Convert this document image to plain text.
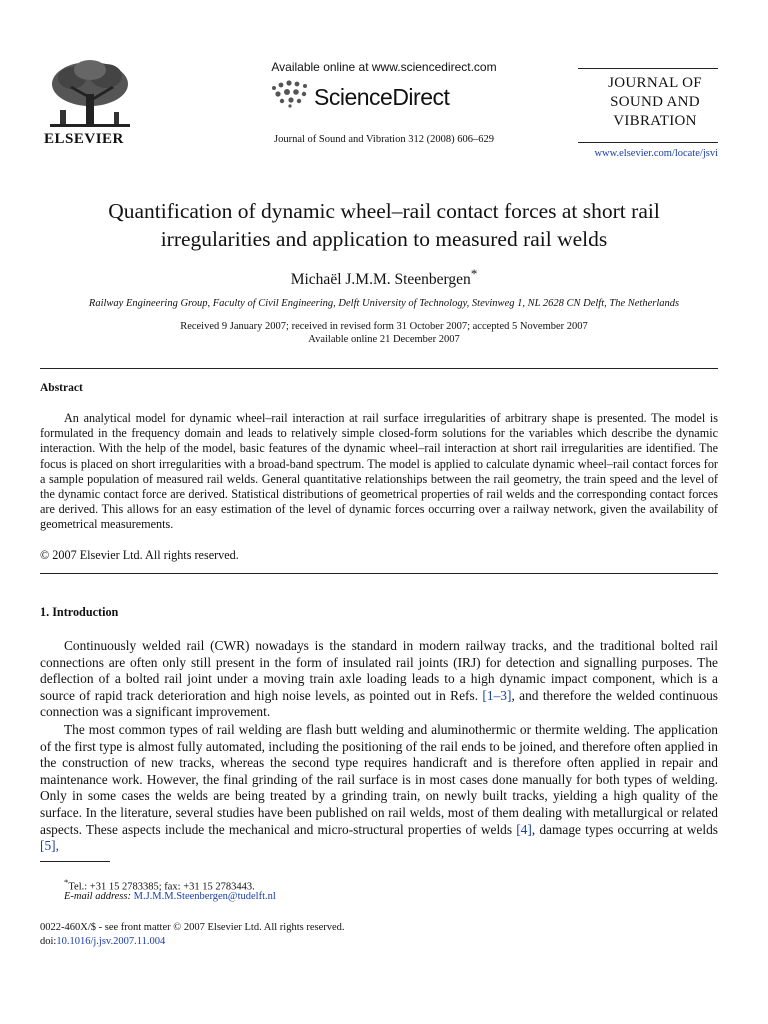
ELSEVIER
Available online at www.sciencedirect.com
ScienceDirect
Journal of Sound and Vibration 312 (2008) 606–629
JOURNAL OF
SOUND AND
VIBRATION
www.elsevier.com/locate/jsvi
Quantification of dynamic wheel–rail contact forces at short rail
irregularities and application to measured rail welds
Michaël J.M.M. Steenbergen*
Railway Engineering Group, Faculty of Civil Engineering, Delft University of Technology, Stevinweg 1, NL 2628 CN Delft, The Netherlands
Received 9 January 2007; received in revised form 31 October 2007; accepted 5 November 2007
Available online 21 December 2007
Abstract
An analytical model for dynamic wheel–rail interaction at rail surface irregularities of arbitrary shape is presented. The model is formulated in the frequency domain and leads to relatively simple closed-form solutions for the variables which describe the dynamic interaction. With the help of the model, basic features of the dynamic wheel–rail interaction at short rail irregularities are identified. The focus is placed on short irregularities with a broad-band spectrum. The model is applied to calculate dynamic wheel–rail contact forces for a sample population of measured rail welds. General quantitative relationships between the rail geometry, the train speed and the level of the dynamic contact force are derived. Statistical distributions of geometrical properties of rail welds and the corresponding contact forces are derived. This allows for an easy estimation of the level of dynamic forces occurring over a railway network, given the availability of geometrical measurements.
© 2007 Elsevier Ltd. All rights reserved.
1. Introduction
Continuously welded rail (CWR) nowadays is the standard in modern railway tracks, and the traditional bolted rail connections are often only still present in the form of insulated rail joints (IRJ) for detection and signalling purposes. The deflection of a bolted rail joint under a moving train axle loading leads to a high dynamic impact component, which is a source of rapid track deterioration and high noise levels, as pointed out in Refs. [1–3], and therefore the welded continuous connection was a significant improvement.
The most common types of rail welding are flash butt welding and aluminothermic or thermite welding. The application of the first type is almost fully automated, including the positioning of the rail ends to be joined, and therefore often applied in the construction of new tracks, whereas the second type requires handicraft and is therefore often applied in repair and maintenance work. However, the final grinding of the rail surface is in most cases done manually for both types of welding. Only in some cases the welds are being treated by a grinding train, on newly built tracks, yielding a high quality of the surface. In the literature, several studies have been published on rail welds, most of them dealing with metallurgical or related aspects. These aspects include the mechanical and micro-structural properties of welds [4], damage types occurring at welds [5],
*Tel.: +31 15 2783385; fax: +31 15 2783443.
E-mail address: M.J.M.M.Steenbergen@tudelft.nl
0022-460X/$ - see front matter © 2007 Elsevier Ltd. All rights reserved.
doi:10.1016/j.jsv.2007.11.004
